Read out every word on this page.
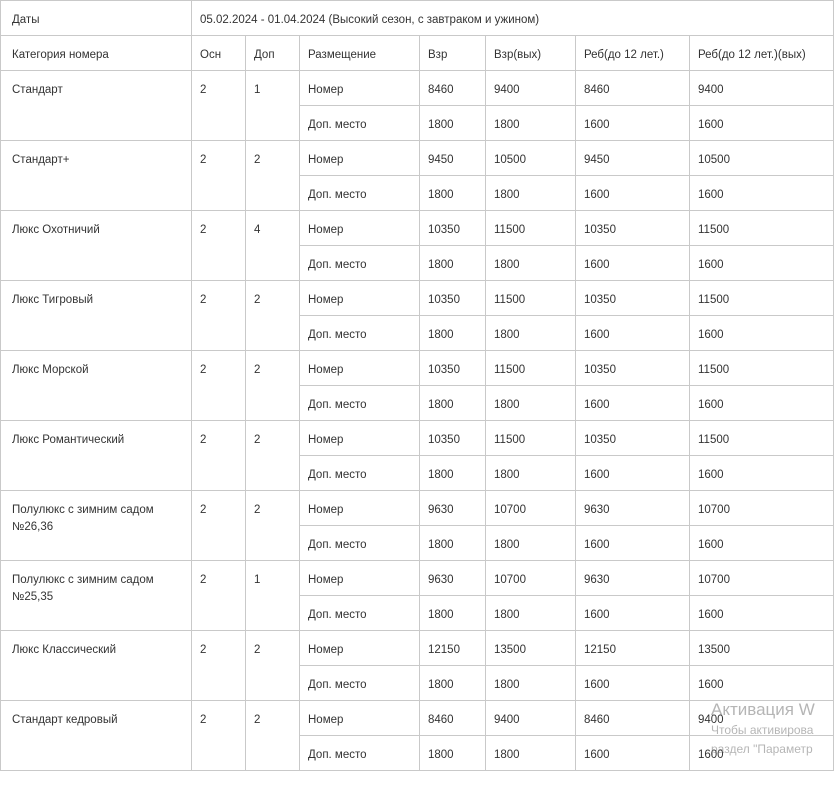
Даты	05.02.2024 - 01.04.2024 (Высокий сезон, с завтраком и ужином)						
Категория номера	Осн	Доп	Размещение	Взр	Взр(вых)	Реб(до 12 лет.)	Реб(до 12 лет.)(вых)
Стандарт	2	1	Номер	8460	9400	8460	9400
			Доп. место	1800	1800	1600	1600
Стандарт+	2	2	Номер	9450	10500	9450	10500
			Доп. место	1800	1800	1600	1600
Люкс Охотничий	2	4	Номер	10350	11500	10350	11500
			Доп. место	1800	1800	1600	1600
Люкс Тигровый	2	2	Номер	10350	11500	10350	11500
			Доп. место	1800	1800	1600	1600
Люкс Морской	2	2	Номер	10350	11500	10350	11500
			Доп. место	1800	1800	1600	1600
Люкс Романтический	2	2	Номер	10350	11500	10350	11500
			Доп. место	1800	1800	1600	1600
Полулюкс с зимним садом №26,36	2	2	Номер	9630	10700	9630	10700
			Доп. место	1800	1800	1600	1600
Полулюкс с зимним садом №25,35	2	1	Номер	9630	10700	9630	10700
			Доп. место	1800	1800	1600	1600
Люкс Классический	2	2	Номер	12150	13500	12150	13500
			Доп. место	1800	1800	1600	1600
Стандарт кедровый	2	2	Номер	8460	9400	8460	9400
			Доп. место	1800	1800	1600	1600
Активация W
Чтобы активирова
раздел "Параметр
